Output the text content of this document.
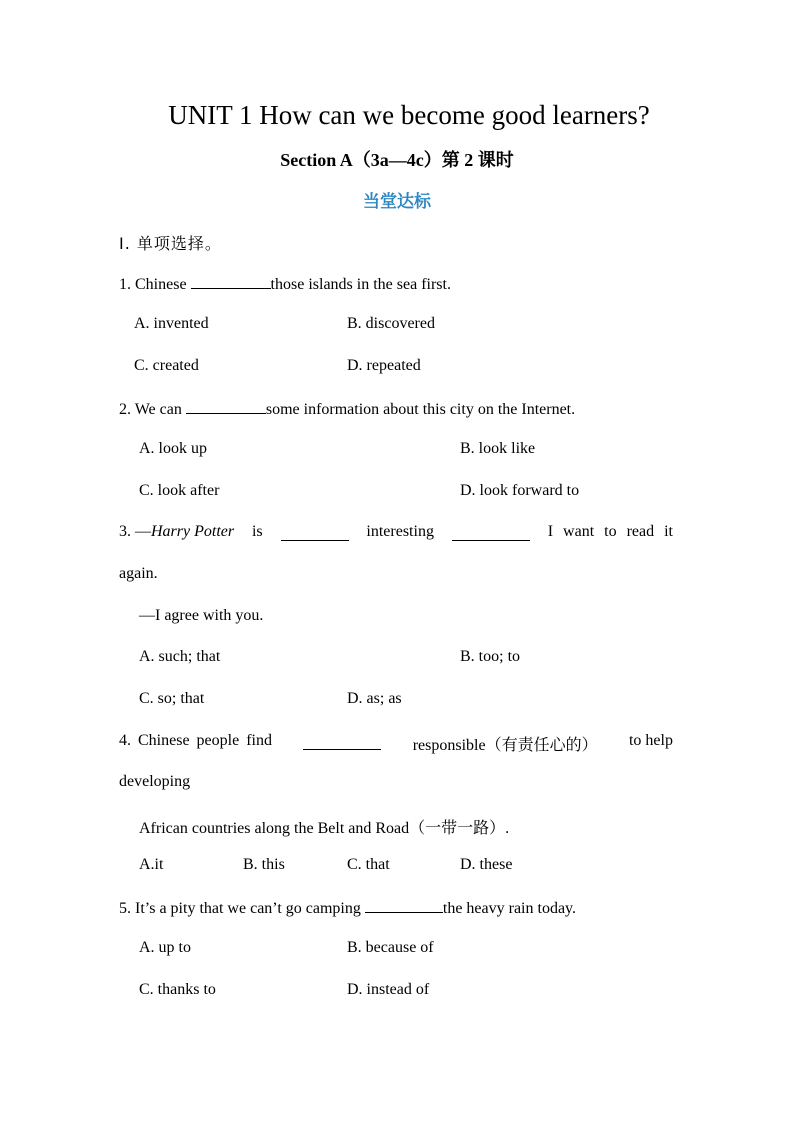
UNIT 1 How can we become good learners?
Section A（3a—4c）第 2 课时
当堂达标
Ⅰ. 单项选择。
1. Chinese	those islands in the sea first.
A. invented	B. discovered
C. created	D. repeated
2. We can	some information about this city on the Internet.
A. look up	B. look like
C. look after	D. look forward to
3. —Harry Potter is	interesting	I want to read it
again.
—I agree with you.
A. such; that	B. too; to
C. so; that	D. as; as
4. Chinese people find	responsible（有责任心的） to help
developing
African countries along the Belt and Road（一带一路）.
A.it	B. this	C. that	D. these
5. It’s a pity that we can’t go camping	the heavy rain today.
A. up to	B. because of
C. thanks to	D. instead of
